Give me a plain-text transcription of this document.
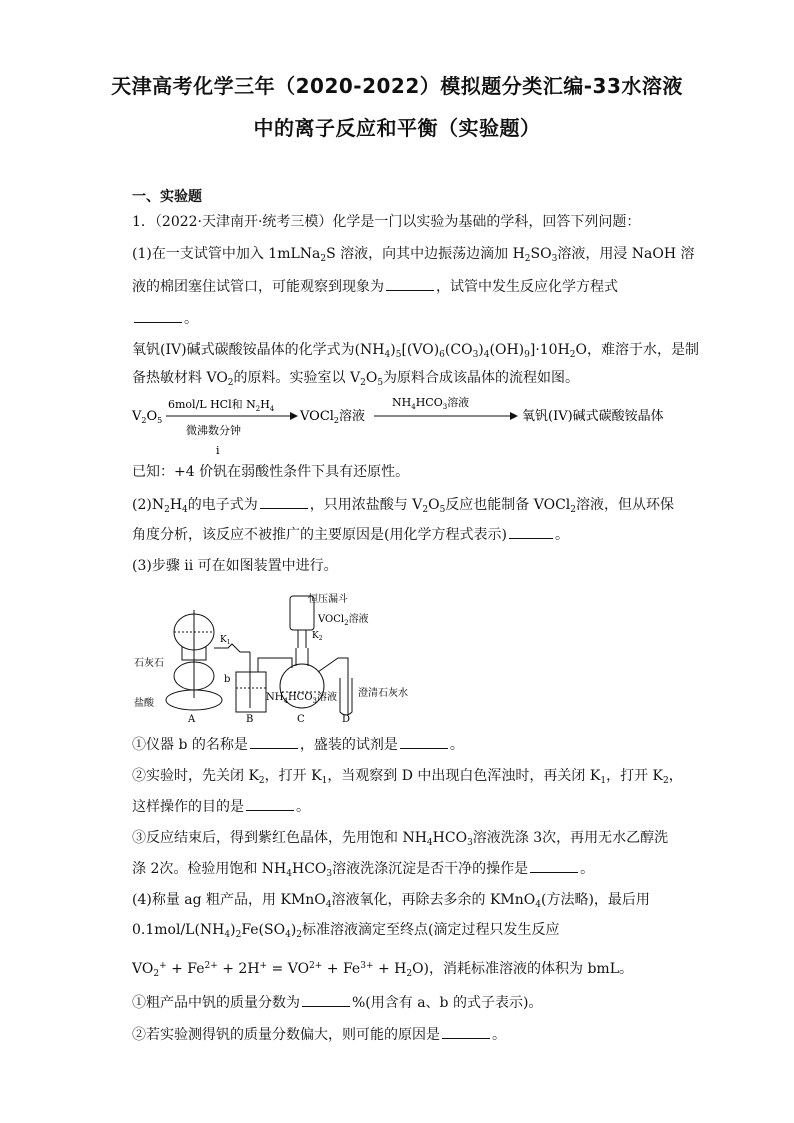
天津高考化学三年（2020-2022）模拟题分类汇编-33水溶液
中的离子反应和平衡（实验题）
一、实验题
1．（2022·天津南开·统考三模）化学是一门以实验为基础的学科，回答下列问题：
(1)在一支试管中加入 1mLNa$_2$S 溶液，向其中边振荡边滴加 $H_2SO_3$溶液，用浸 NaOH 溶
液的棉团塞住试管口，可能观察到现象为	，试管中发生反应化学方程式
。
氧钒(IV)碱式碳酸铵晶体的化学式为$(NH_4)_5[(VO)_6(CO_3)_4(OH)_9]\cdot 10H_2O$，难溶于水，是制
备热敏材料 $VO_2$的原料。实验室以 $V_2O_5$为原料合成该晶体的流程如图。
$V_2O_5$
6mol/L HCl和 $N_2H_4$
微沸数分钟
i
VOCl$_2$溶液
$NH_4HCO_3$溶液
氧钒(IV)碱式碳酸铵晶体
已知：+4 价钒在弱酸性条件下具有还原性。
$(2)N_2H_4$的电子式为	，只用浓盐酸与 $V_2O_5$反应也能制备 VOCl$_2$溶液，但从环保
角度分析，该反应不被推广的主要原因是(用化学方程式表示)	。
(3)步骤 ii 可在如图装置中进行。
恒压漏斗
VOCl$_2$溶液
$K_1$
$K_2$
石灰石
盐酸
b
$NH_4HCO_3$溶液 澄清石灰水
A	B	C	D
①仪器 b 的名称是	，盛装的试剂是	。
②实验时，先关闭 $K_2$，打开 $K_1$，当观察到 D 中出现白色浑浊时，再关闭 $K_1$，打开 $K_2$，
这样操作的目的是	。
③反应结束后，得到紫红色晶体，先用饱和 $NH_4HCO_3$溶液洗涤 3次，再用无水乙醇洗
涤 2次。检验用饱和 $NH_4HCO_3$溶液洗涤沉淀是否干净的操作是	。
(4)称量 ag 粗产品，用 KMnO$_4$溶液氧化，再除去多余的 KMnO$_4$(方法略)，最后用
$0.1mol/L(NH_4)_2Fe(SO_4)_2$标准溶液滴定至终点(滴定过程只发生反应
$VO_2^+ + Fe^{2+} + 2H^+ = VO^{2+} + Fe^{3+} + H_2O$)，消耗标准溶液的体积为 bmL。
①粗产品中钒的质量分数为	%(用含有 a、b 的式子表示)。
②若实验测得钒的质量分数偏大，则可能的原因是	。
